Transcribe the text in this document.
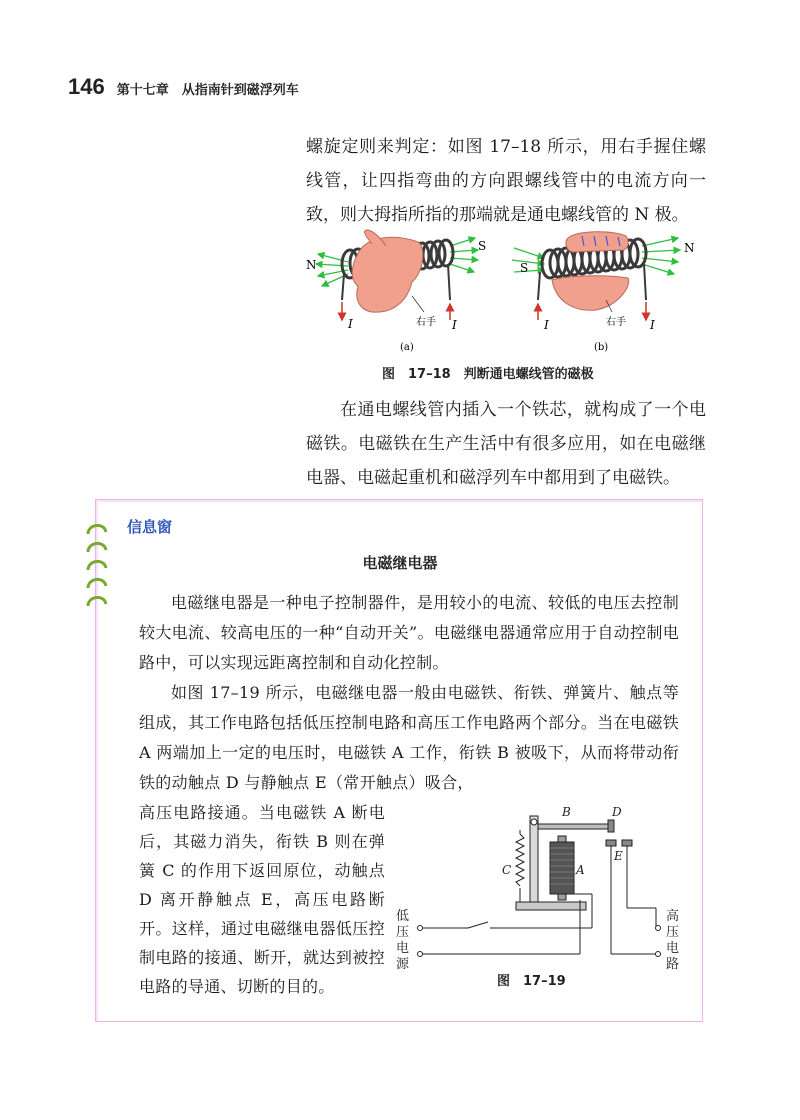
146 第十七章　从指南针到磁浮列车

螺旋定则来判定：如图 17–18 所示，用右手握住螺线管，让四指弯曲的方向跟螺线管中的电流方向一致，则大拇指所指的那端就是通电螺线管的 N 极。

N
S
I	I
右手
(a)
S
N
I	I
右手
(b)
图　17–18　判断通电螺线管的磁极

在通电螺线管内插入一个铁芯，就构成了一个电磁铁。电磁铁在生产生活中有很多应用，如在电磁继电器、电磁起重机和磁浮列车中都用到了电磁铁。

信息窗
电磁继电器

电磁继电器是一种电子控制器件，是用较小的电流、较低的电压去控制较大电流、较高电压的一种“自动开关”。电磁继电器通常应用于自动控制电路中，可以实现远距离控制和自动化控制。

如图 17–19 所示，电磁继电器一般由电磁铁、衔铁、弹簧片、触点等组成，其工作电路包括低压控制电路和高压工作电路两个部分。当在电磁铁 A 两端加上一定的电压时，电磁铁 A 工作，衔铁 B 被吸下，从而将带动衔铁的动触点 D 与静触点 E（常开触点）吸合，

高压电路接通。当电磁铁 A 断电后，其磁力消失，衔铁 B 则在弹簧 C 的作用下返回原位，动触点 D 离开静触点 E，高压电路断开。这样，通过电磁继电器低压控制电路的接通、断开，就达到被控电路的导通、切断的目的。

B	D
E
C	A
低
压
电
源
高
压
电
路
图　17–19
